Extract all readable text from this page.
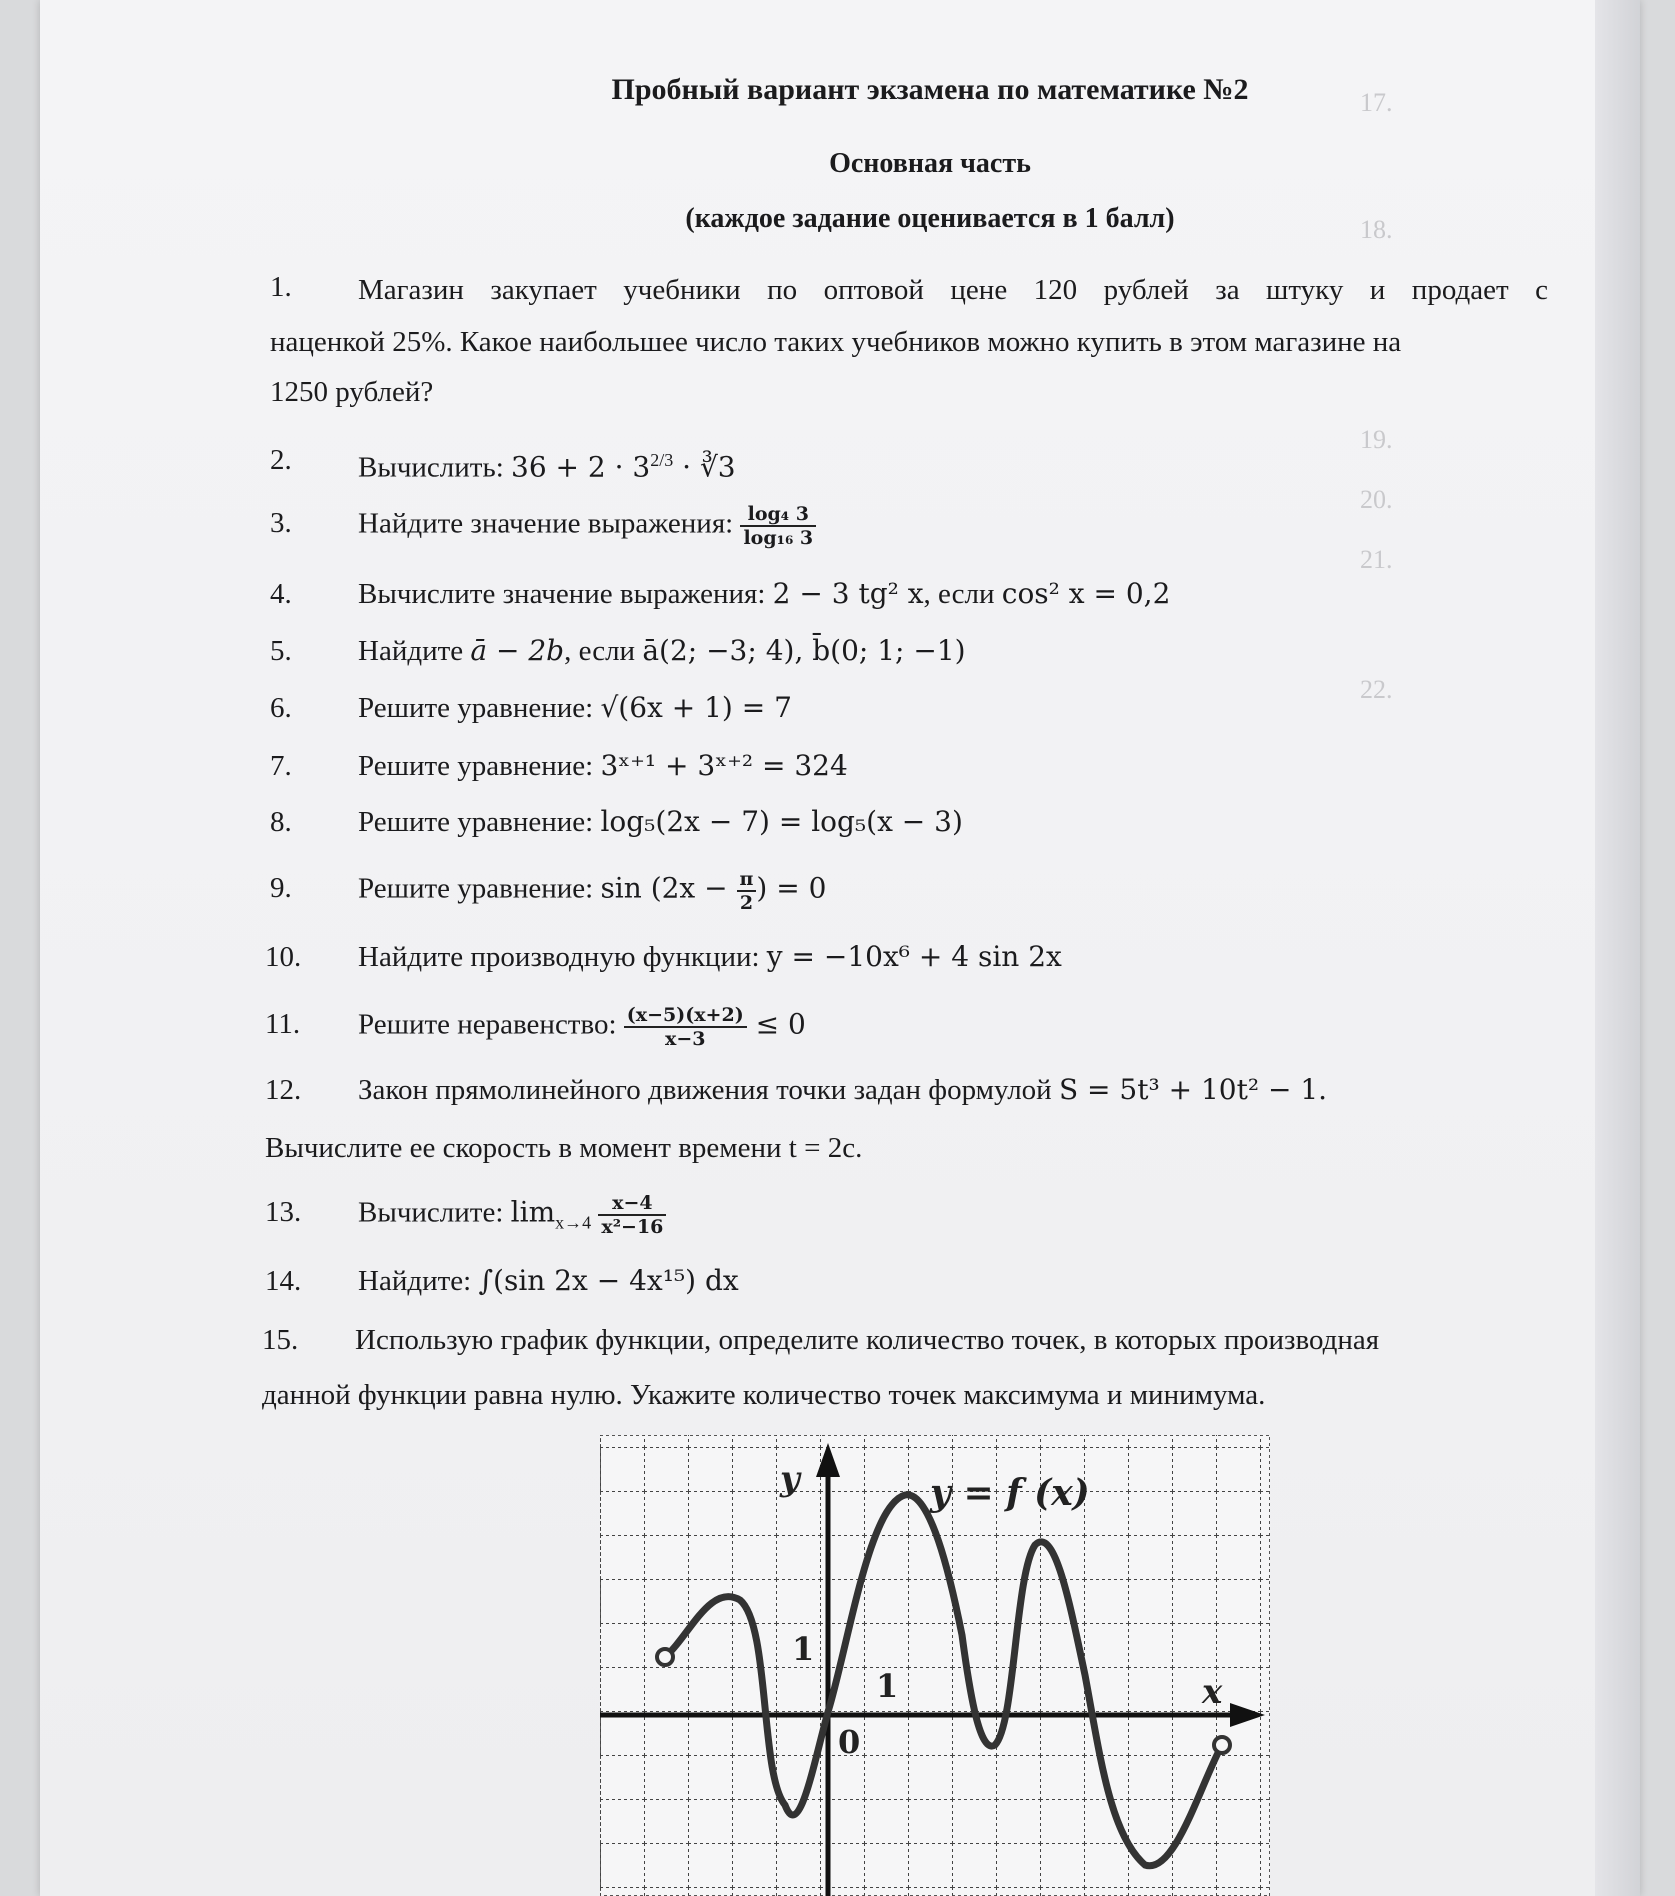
17.
18.
19.
20.
21.
22.
Пробный вариант экзамена по математике №2
Основная часть
(каждое задание оценивается в 1 балл)
1. Магазин закупает учебники по оптовой цене 120 рублей за штуку и продает с
наценкой 25%. Какое наибольшее число таких учебников можно купить в этом магазине на
1250 рублей?
2. Вычислить: $36 + 2 \cdot 3^{2/3}$ · ∛3
3. Найдите значение выражения: $\frac{\text{log₄ 3}}{\text{log₁₆ 3}}$
4. Вычислите значение выражения: 2 − 3 tg² x, если cos² x = 0,2
5. Найдите ā − 2b, если ā(2; −3; 4), b̄(0; 1; −1)
6. Решите уравнение: √(6x + 1) = 7
7. Решите уравнение: 3ˣ⁺¹ + 3ˣ⁺² = 324
8. Решите уравнение: log₅(2x − 7) = log₅(x − 3)
9. Решите уравнение: $\sin (2x - \frac{\pi}{2}$ ) = 0
10. Найдите производную функции: y = −10x⁶ + 4 sin 2x
11. Решите неравенство: $\frac{(x-5)(x+2)}{x-3} \le 0$
12. Закон прямолинейного движения точки задан формулой S = 5t³ + 10t² − 1.
Вычислите ее скорость в момент времени t = 2с.
13. Вычислите: $\lim_{x\to 4} \frac{x-4}{\text{x²−16}}$
14. Найдите: ∫(sin 2x − 4x¹⁵) dx
15. Использую график функции, определите количество точек, в которых производная
данной функции равна нулю. Укажите количество точек максимума и минимума.
y
x
y = f (x)
1
1
0
